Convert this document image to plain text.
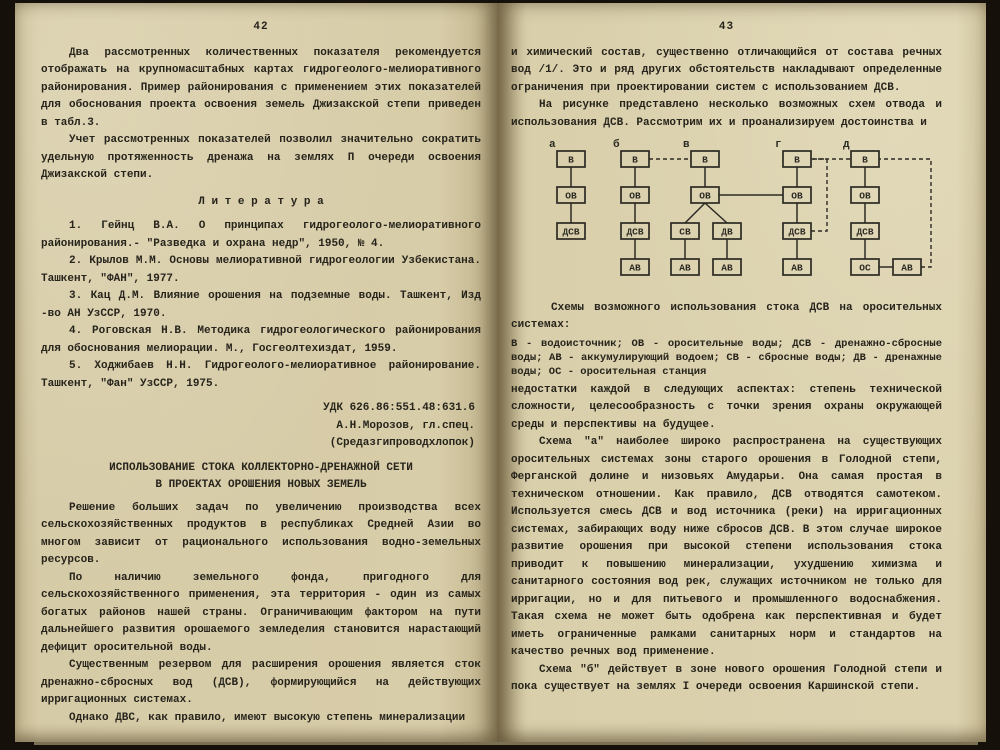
42

Два рассмотренных количественных показателя рекомендуется отображать на крупномасштабных картах гидрогеолого-мелиоративного районирования. Пример районирования с применением этих показателей для обоснования проекта освоения земель Джизакской степи приведен в табл.3.

Учет рассмотренных показателей позволил значительно сократить удельную протяженность дренажа на землях П очереди освоения Джизакской степи.

Л и т е р а т у р а

1. Гейнц В.А. О принципах гидрогеолого-мелиоративного районирования.- "Разведка и охрана недр", 1950, № 4.

2. Крылов М.М. Основы мелиоративной гидрогеологии Узбекистана. Ташкент, "ФАН", 1977.

3. Кац Д.М. Влияние орошения на подземные воды. Ташкент, Изд -во АН УзССР, 1970.

4. Роговская Н.В. Методика гидрогеологического районирования для обоснования мелиорации. М., Госгеолтехиздат, 1959.

5. Ходжибаев Н.Н. Гидрогеолого-мелиоративное районирование. Ташкент, "Фан" УзССР, 1975.

УДК 626.86:551.48:631.6
А.Н.Морозов, гл.спец.
(Средазгипроводхлопок)
ИСПОЛЬЗОВАНИЕ СТОКА КОЛЛЕКТОРНО-ДРЕНАЖНОЙ СЕТИ
В ПРОЕКТАХ ОРОШЕНИЯ НОВЫХ ЗЕМЕЛЬ

Решение больших задач по увеличению производства всех сельскохозяйственных продуктов в республиках Средней Азии во многом зависит от рационального использования водно-земельных ресурсов.

По наличию земельного фонда, пригодного для сельскохозяйственного применения, эта территория - один из самых богатых районов нашей страны. Ограничивающим фактором на пути дальнейшего развития орошаемого земледелия становится нарастающий дефицит оросительной воды.

Существенным резервом для расширения орошения является сток дренажно-сбросных вод (ДСВ), формирующийся на действующих ирригационных системах.

Однако ДВС, как правило, имеют высокую степень минерализации

43

и химический состав, существенно отличающийся от состава речных вод /1/. Это и ряд других обстоятельств накладывают определенные ограничения при проектировании систем с использованием ДСВ.

На рисунке представлено несколько возможных схем отвода и использования ДСВ. Рассмотрим их и проанализируем достоинства и

а	б	в	г	д
В
ОВ
ДСВ
В
ОВ
ДСВ
АВ
В
ОВ
СВ	ДВ
АВ	АВ
В
ОВ
ДСВ
АВ
В
ОВ
ДСВ
ОС	АВ

Схемы возможного использования стока ДСВ на оросительных системах:

В - водоисточник; ОВ - оросительные воды; ДСВ - дренажно-сбросные воды; АВ - аккумулирующий водоем; СВ - сбросные воды; ДВ - дренажные воды; ОС - оросительная станция

недостатки каждой в следующих аспектах: степень технической сложности, целесообразность с точки зрения охраны окружающей среды и перспективы на будущее.

Схема "а" наиболее широко распространена на существующих оросительных системах зоны старого орошения в Голодной степи, Ферганской долине и низовьях Амударьи. Она самая простая в техническом отношении. Как правило, ДСВ отводятся самотеком. Используется смесь ДСВ и вод источника (реки) на ирригационных системах, забирающих воду ниже сбросов ДСВ. В этом случае широкое развитие орошения при высокой степени использования стока приводит к повышению минерализации, ухудшению химизма и санитарного состояния вод рек, служащих источником не только для ирригации, но и для питьевого и промышленного водоснабжения. Такая схема не может быть одобрена как перспективная и будет иметь ограниченные рамками санитарных норм и стандартов на качество речных вод применение.

Схема "б" действует в зоне нового орошения Голодной степи и пока существует на землях I очереди освоения Каршинской степи.
